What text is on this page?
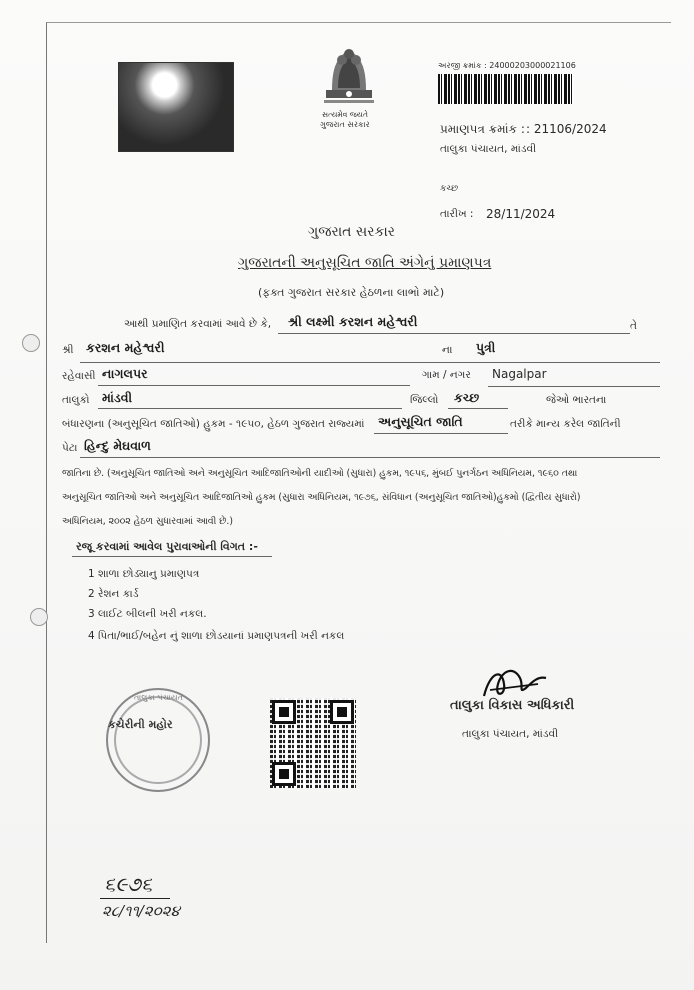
સત્યમેવ જયતે
ગુજરાત સરકાર
અરજી ક્રમાંક : 24000203000021106
પ્રમાણપત્ર ક્રમાંક : : 21106/2024
તાલુકા પંચાયત, માંડવી
કચ્છ
તારીખ : 28/11/2024
ગુજરાત સરકાર
ગુજરાતની અનુસૂચિત જાતિ અંગેનું પ્રમાણપત્ર
(ફક્ત ગુજરાત સરકાર હેઠળના લાભો માટે)
આથી પ્રમાણિત કરવામાં આવે છે કે, શ્રી લક્ષ્મી કરશન મહેશ્વરી	તે
શ્રી કરશન મહેશ્વરી	ના પુત્રી
રહેવાસી નાગલપર	ગામ / નગર Nagalpar
તાલુકો માંડવી	જિલ્લો કચ્છ	જેઓ ભારતના
બંધારણના (અનુસૂચિત જાતિઓ) હુકમ - ૧૯૫૦, હેઠળ ગુજરાત રાજ્યમાં અનુસૂચિત જાતિ	તરીકે માન્ય કરેલ જાતિની
પેટા હિન્દુ મેઘવાળ
જાતિના છે. (અનુસૂચિત જાતિઓ અને અનુસૂચિત આદિજાતિઓની યાદીઓ (સુધારા) હુકમ, ૧૯૫૬, મુંબઈ પુનર્ગઠન અધિનિયમ, ૧૯૬૦ તથા
અનુસૂચિત જાતિઓ અને અનુસૂચિત આદિજાતિઓ હુકમ (સુધારા અધિનિયમ, ૧૯૭૬, સંવિધાન (અનુસૂચિત જાતિઓ)હુકમો (દ્વિતીય સુધારો)
અધિનિયમ, ૨૦૦૨ હેઠળ સુધારવામાં આવી છે.)
રજૂ કરવામાં આવેલ પુરાવાઓની વિગત :-
1 શાળા છોડ્યાનુ પ્રમાણપત્ર
2 રેશન કાર્ડ
3 લાઈટ બીલની ખરી નકલ.
4 પિતા/ભાઈ/બહેન નું શાળા છોડયાનાં પ્રમાણપત્રની ખરી નકલ
તાલુકા પંચાયત
કચેરીની મહોર
તાલુકા વિકાસ અધિકારી
તાલુકા પંચાયત, માંડવી
૬૯૭૬
૨૮/૧૧/૨૦૨૪
